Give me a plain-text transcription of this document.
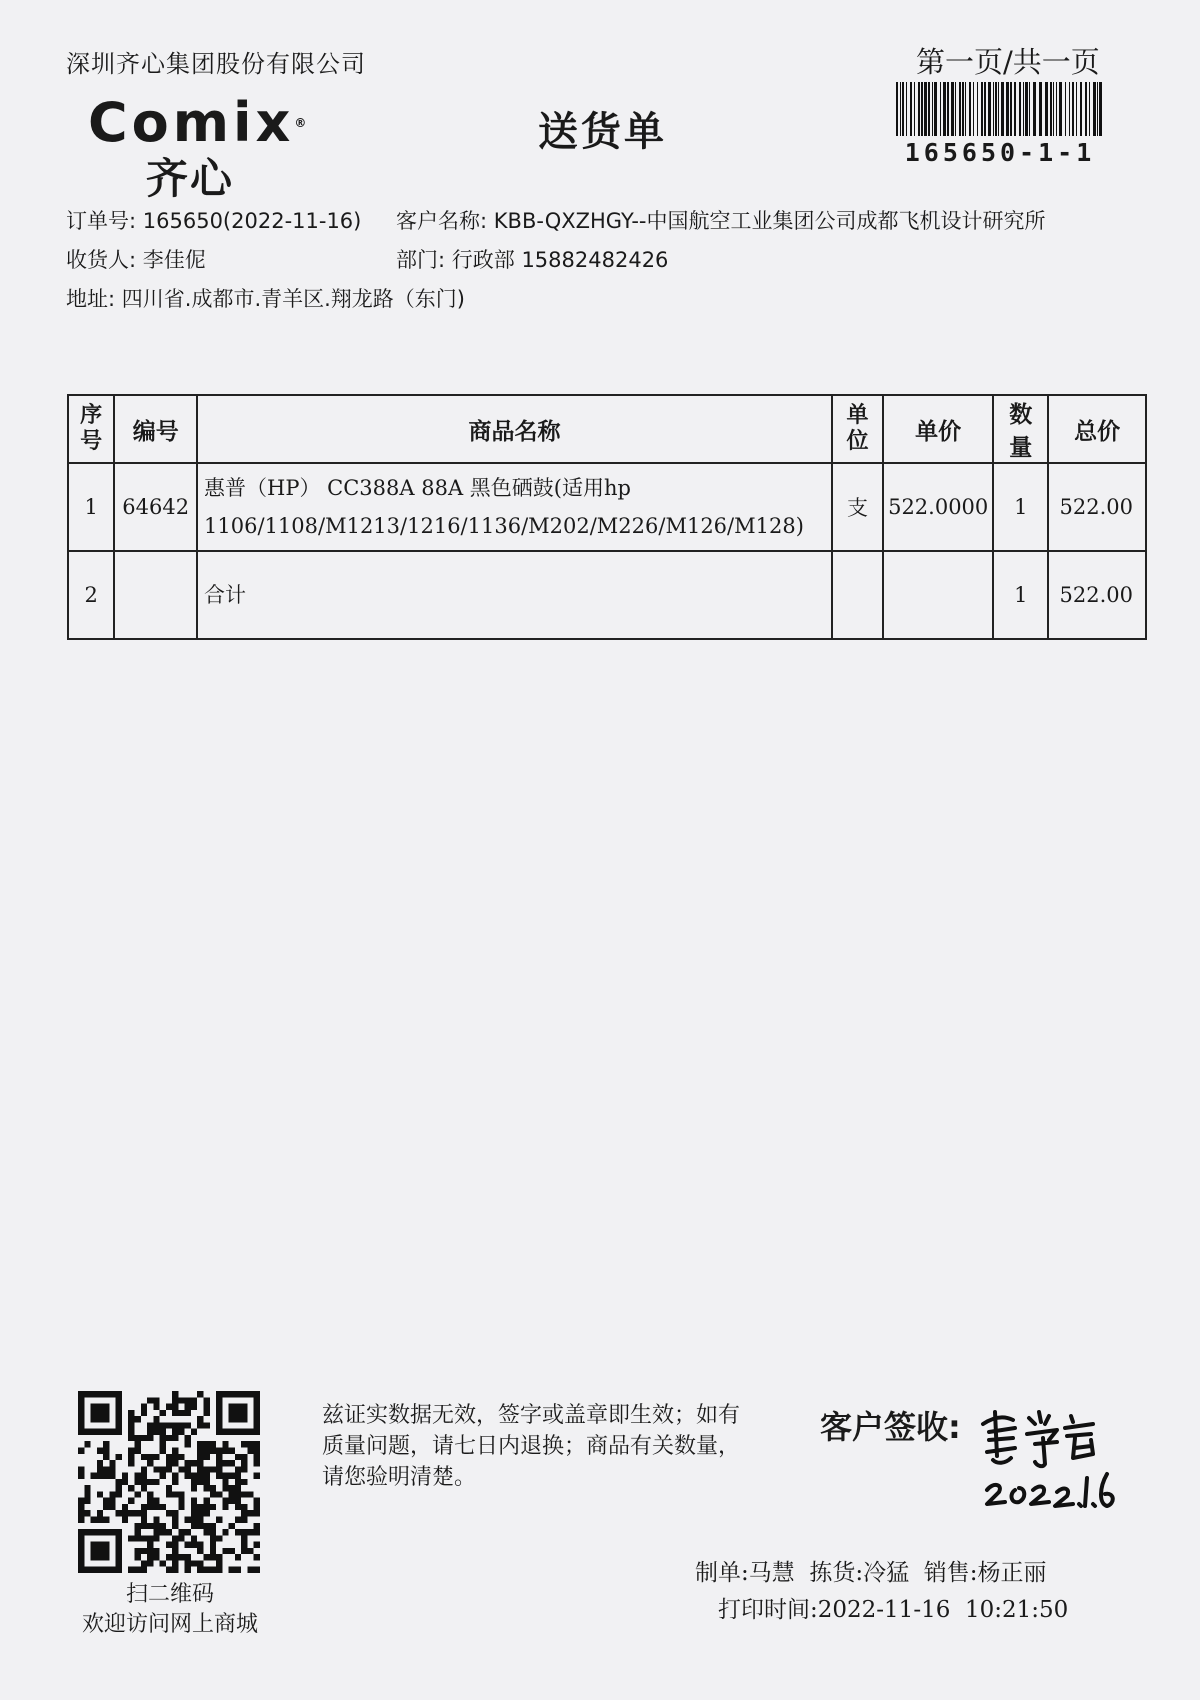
深圳齐心集团股份有限公司	第一页/共一页
Comix®
齐心
送货单	165650-1-1
订单号: 165650(2022-11-16) 客户名称: KBB-QXZHGY--中国航空工业集团公司成都飞机设计研究所
收货人: 李佳伲	部门: 行政部 15882482426
地址: 四川省.成都市.青羊区.翔龙路（东门)
序
号	编号	商品名称	单
位	单价	数量	总价
1	64642	惠普（HP） CC388A 88A 黑色硒鼓(适用hp
1106/1108/M1213/1216/1136/M202/M226/M126/M128)	支	522.0000	1	522.00
2		合计			1	522.00
扫二维码
欢迎访问网上商城
兹证实数据无效，签字或盖章即生效；如有质量问题，请七日内退换；商品有关数量，请您验明清楚。
客户签收:
制单:马慧  拣货:冷猛  销售:杨正丽
打印时间:2022-11-16  10:21:50
